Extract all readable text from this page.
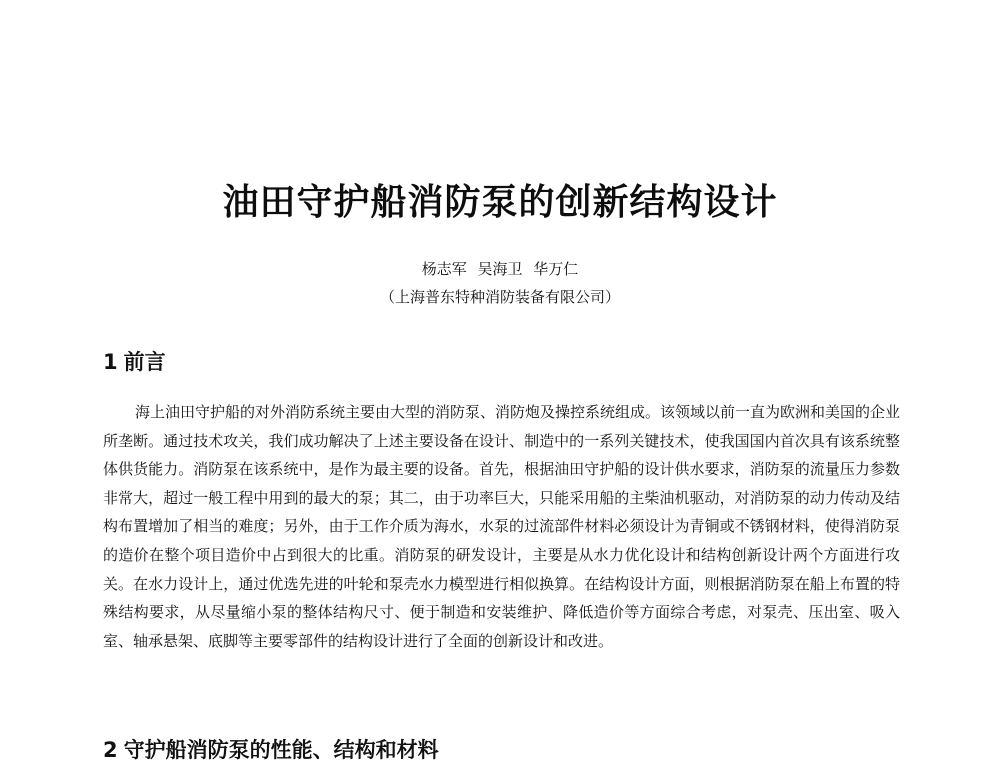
油田守护船消防泵的创新结构设计
杨志军 吴海卫 华万仁
（上海普东特种消防装备有限公司）
1 前言

海上油田守护船的对外消防系统主要由大型的消防泵、消防炮及操控系统组成。该领域以前一直为欧洲和美国的企业所垄断。通过技术攻关，我们成功解决了上述主要设备在设计、制造中的一系列关键技术，使我国国内首次具有该系统整体供货能力。消防泵在该系统中，是作为最主要的设备。首先，根据油田守护船的设计供水要求，消防泵的流量压力参数非常大，超过一般工程中用到的最大的泵；其二，由于功率巨大，只能采用船的主柴油机驱动，对消防泵的动力传动及结构布置增加了相当的难度；另外，由于工作介质为海水，水泵的过流部件材料必须设计为青铜或不锈钢材料，使得消防泵的造价在整个项目造价中占到很大的比重。消防泵的研发设计，主要是从水力优化设计和结构创新设计两个方面进行攻关。在水力设计上，通过优选先进的叶轮和泵壳水力模型进行相似换算。在结构设计方面，则根据消防泵在船上布置的特殊结构要求，从尽量缩小泵的整体结构尺寸、便于制造和安装维护、降低造价等方面综合考虑，对泵壳、压出室、吸入室、轴承悬架、底脚等主要零部件的结构设计进行了全面的创新设计和改进。

2 守护船消防泵的性能、结构和材料
